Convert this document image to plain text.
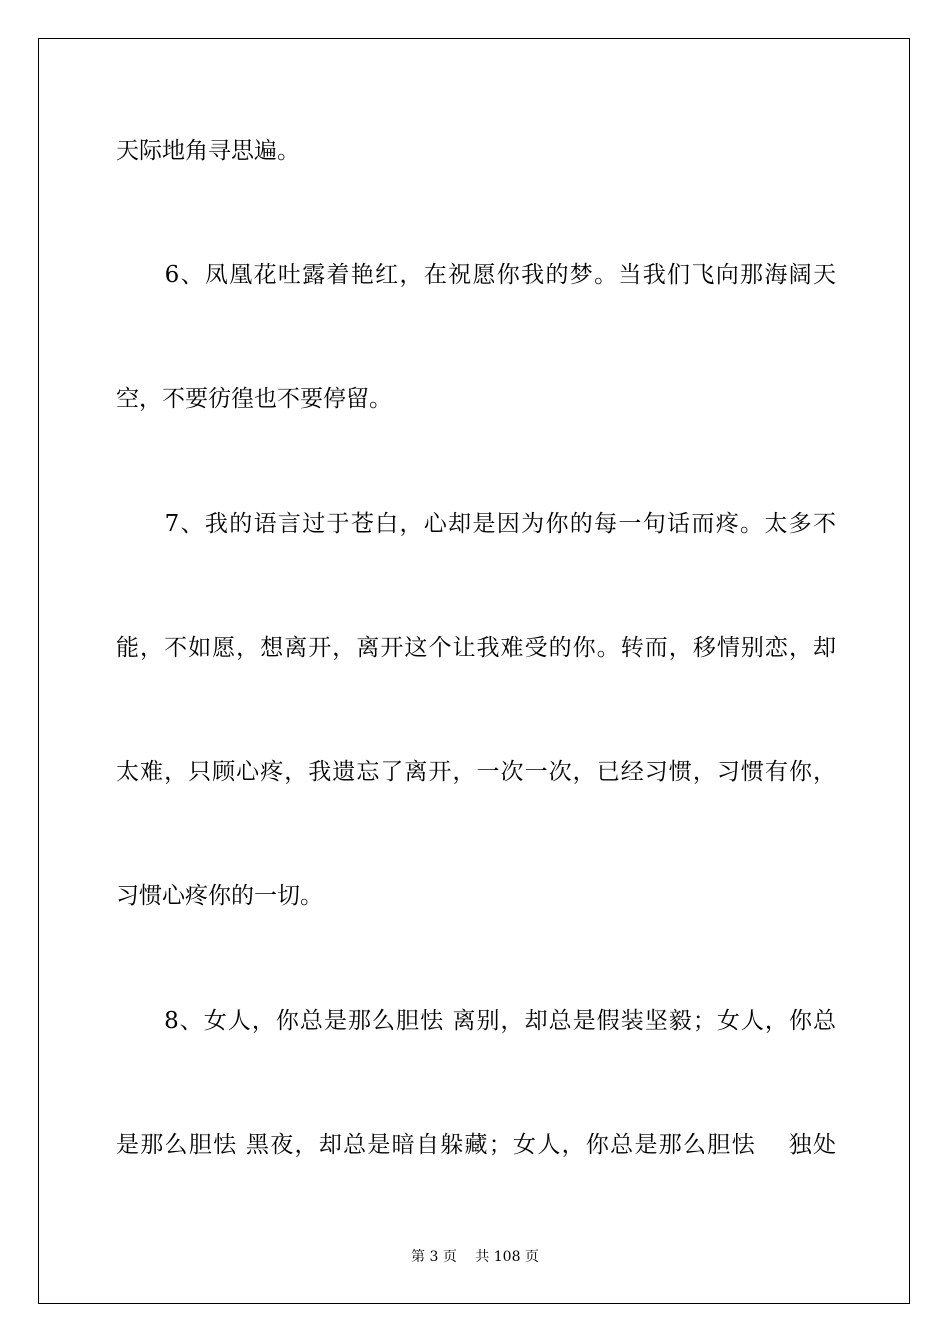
天际地角寻思遍。
　　6、凤凰花吐露着艳红，在祝愿你我的梦。当我们飞向那海阔天
空，不要彷徨也不要停留。
　　7、我的语言过于苍白，心却是因为你的每一句话而疼。太多不
能，不如愿，想离开，离开这个让我难受的你。转而，移情别恋，却
太难，只顾心疼，我遗忘了离开，一次一次，已经习惯，习惯有你，
习惯心疼你的一切。
　　8、女人，你总是那么胆怯 离别，却总是假装坚毅；女人，你总
是那么胆怯 黑夜，却总是暗自躲藏；女人，你总是那么胆怯　 独处
第 3 页　 共 108 页
